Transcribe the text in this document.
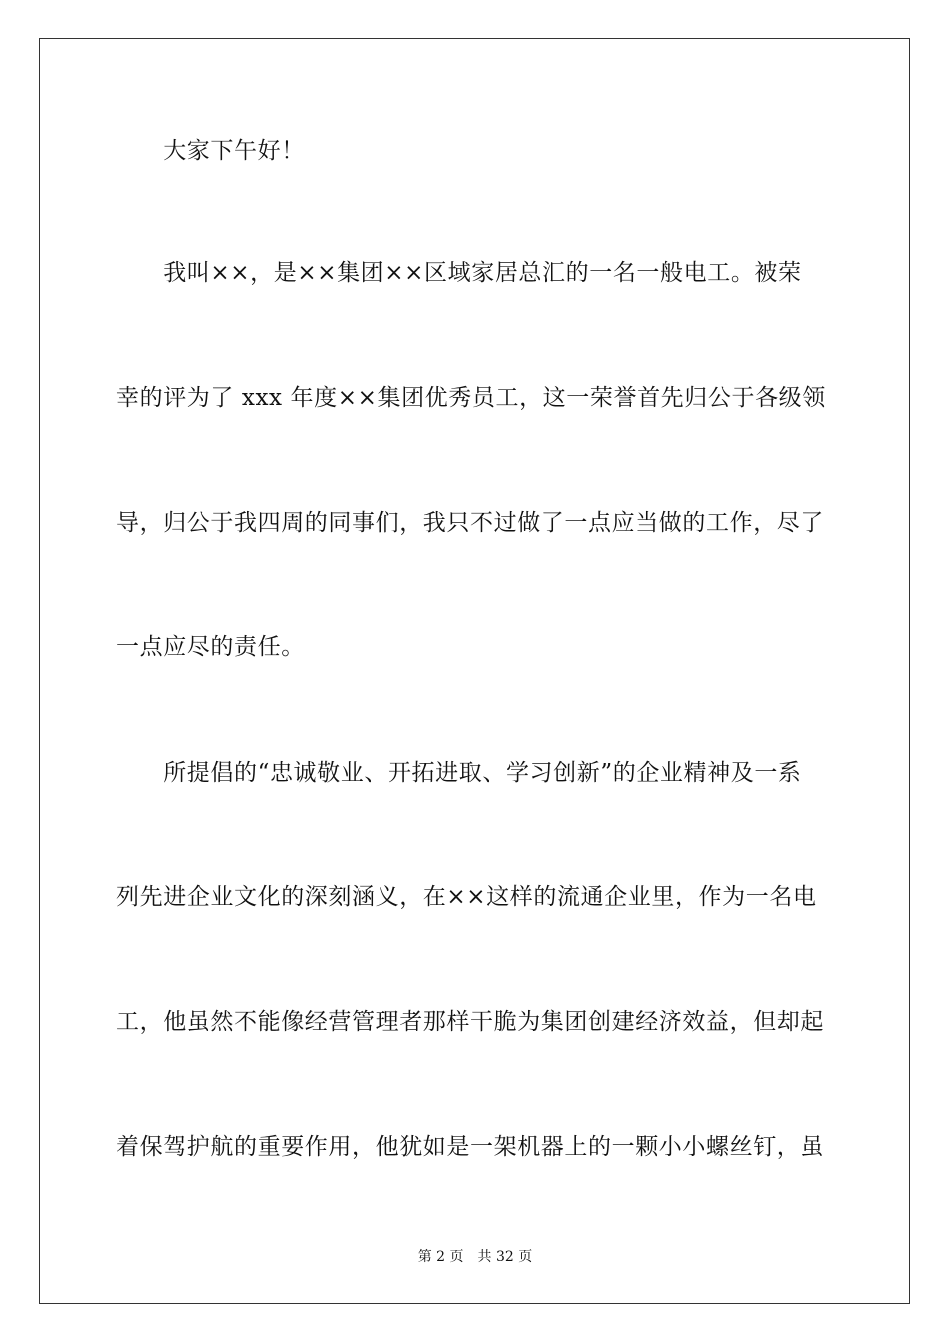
　　大家下午好！
　　我叫××，是××集团××区域家居总汇的一名一般电工。被荣
幸的评为了 xxx 年度××集团优秀员工，这一荣誉首先归公于各级领
导，归公于我四周的同事们，我只不过做了一点应当做的工作，尽了
一点应尽的责任。
　　所提倡的“忠诚敬业、开拓进取、学习创新”的企业精神及一系
列先进企业文化的深刻涵义，在××这样的流通企业里，作为一名电
工，他虽然不能像经营管理者那样干脆为集团创建经济效益，但却起
着保驾护航的重要作用，他犹如是一架机器上的一颗小小螺丝钉，虽
第 2 页　共 32 页
